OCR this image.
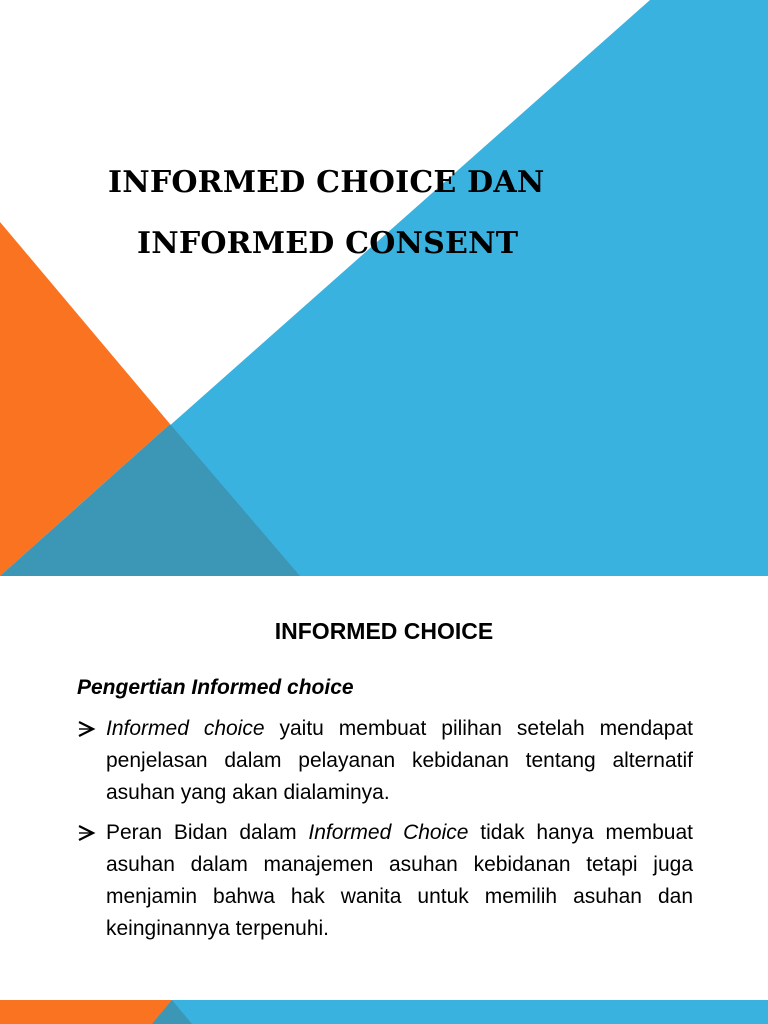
INFORMED CHOICE DAN
INFORMED CONSENT
INFORMED CHOICE

Pengertian Informed choice

Informed choice yaitu membuat pilihan setelah mendapat penjelasan dalam pelayanan kebidanan tentang alternatif asuhan yang akan dialaminya.
Peran Bidan dalam Informed Choice tidak hanya membuat asuhan dalam manajemen asuhan kebidanan tetapi juga menjamin bahwa hak wanita untuk memilih asuhan dan keinginannya terpenuhi.
